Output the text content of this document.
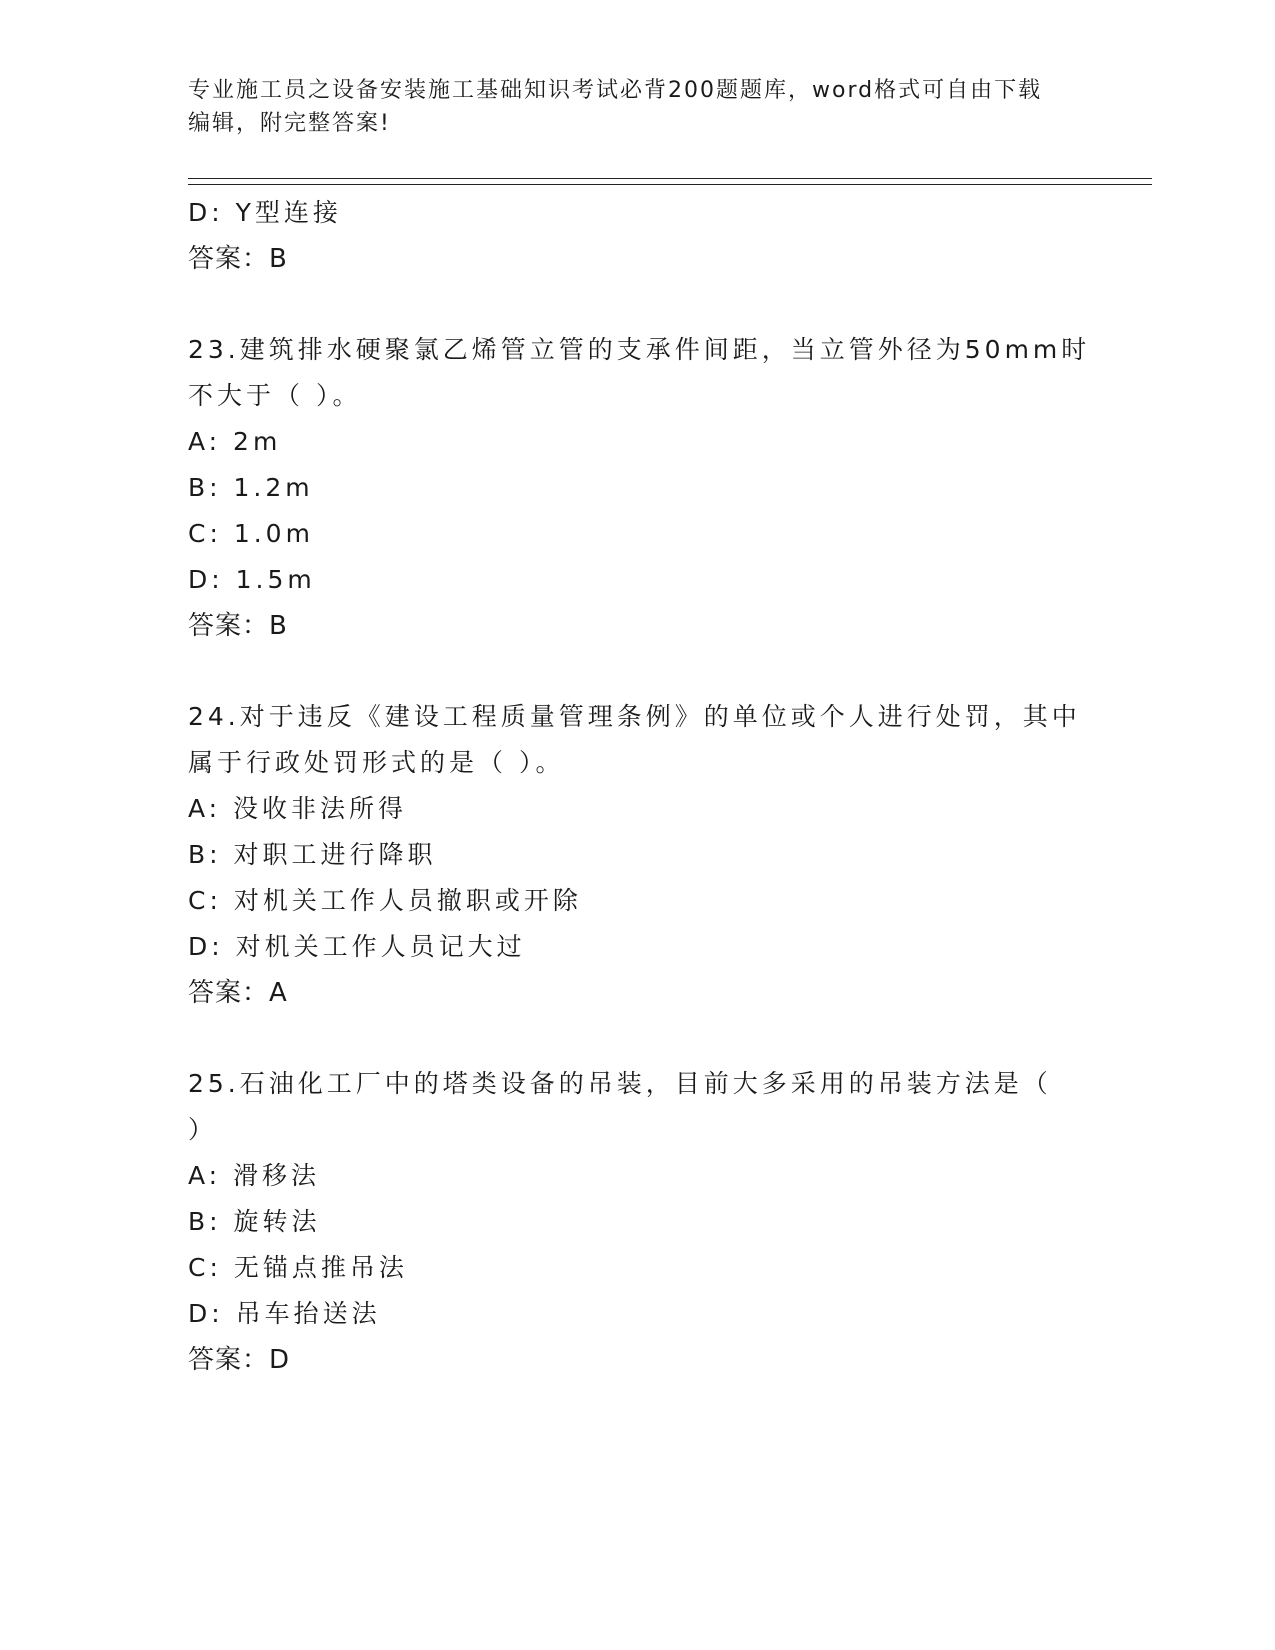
专业施工员之设备安装施工基础知识考试必背200题题库，word格式可自由下载
编辑，附完整答案!
D: Y型连接
答案：B
23.建筑排水硬聚氯乙烯管立管的支承件间距，当立管外径为50mm时
不大于（ ）。
A: 2m
B: 1.2m
C: 1.0m
D: 1.5m
答案：B
24.对于违反《建设工程质量管理条例》的单位或个人进行处罚，其中
属于行政处罚形式的是（ ）。
A: 没收非法所得
B: 对职工进行降职
C: 对机关工作人员撤职或开除
D: 对机关工作人员记大过
答案：A
25.石油化工厂中的塔类设备的吊装，目前大多采用的吊装方法是（
）
A: 滑移法
B: 旋转法
C: 无锚点推吊法
D: 吊车抬送法
答案：D
